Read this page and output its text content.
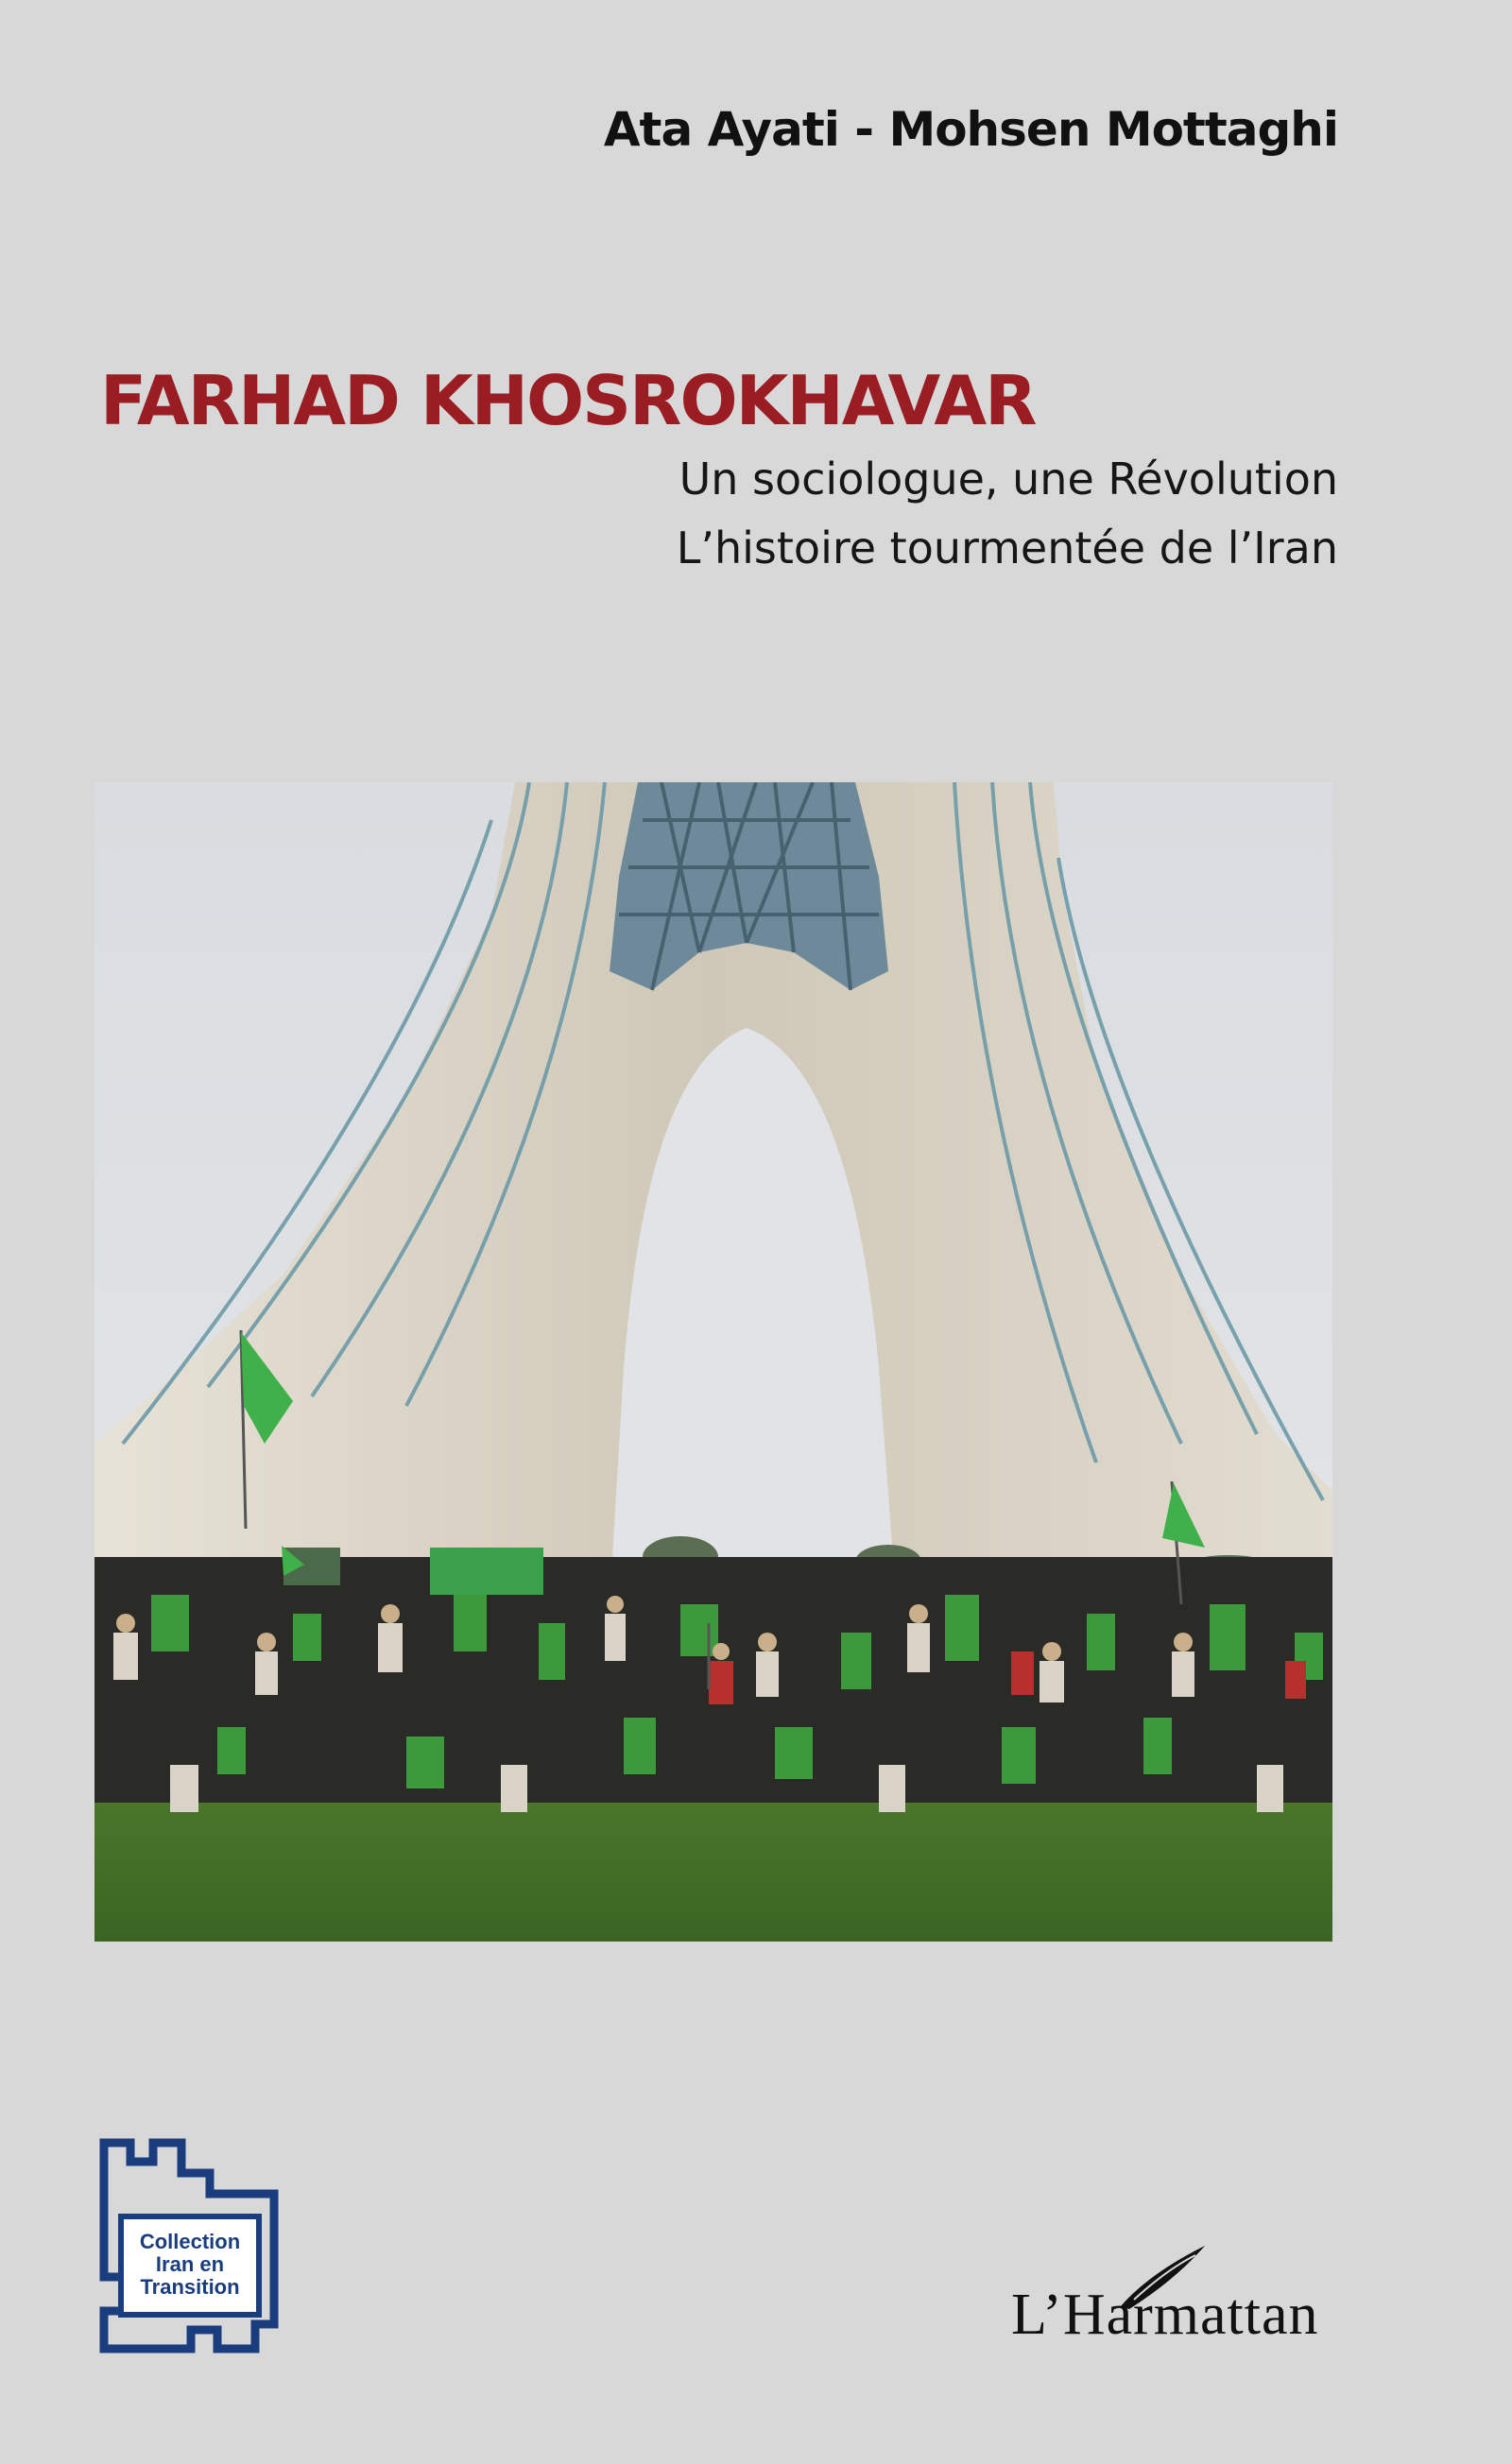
Ata Ayati - Mohsen Mottaghi
FARHAD KHOSROKHAVAR
Un sociologue, une Révolution
L’histoire tourmentée de l’Iran
Collection
Iran en
Transition	L’Harmattan
